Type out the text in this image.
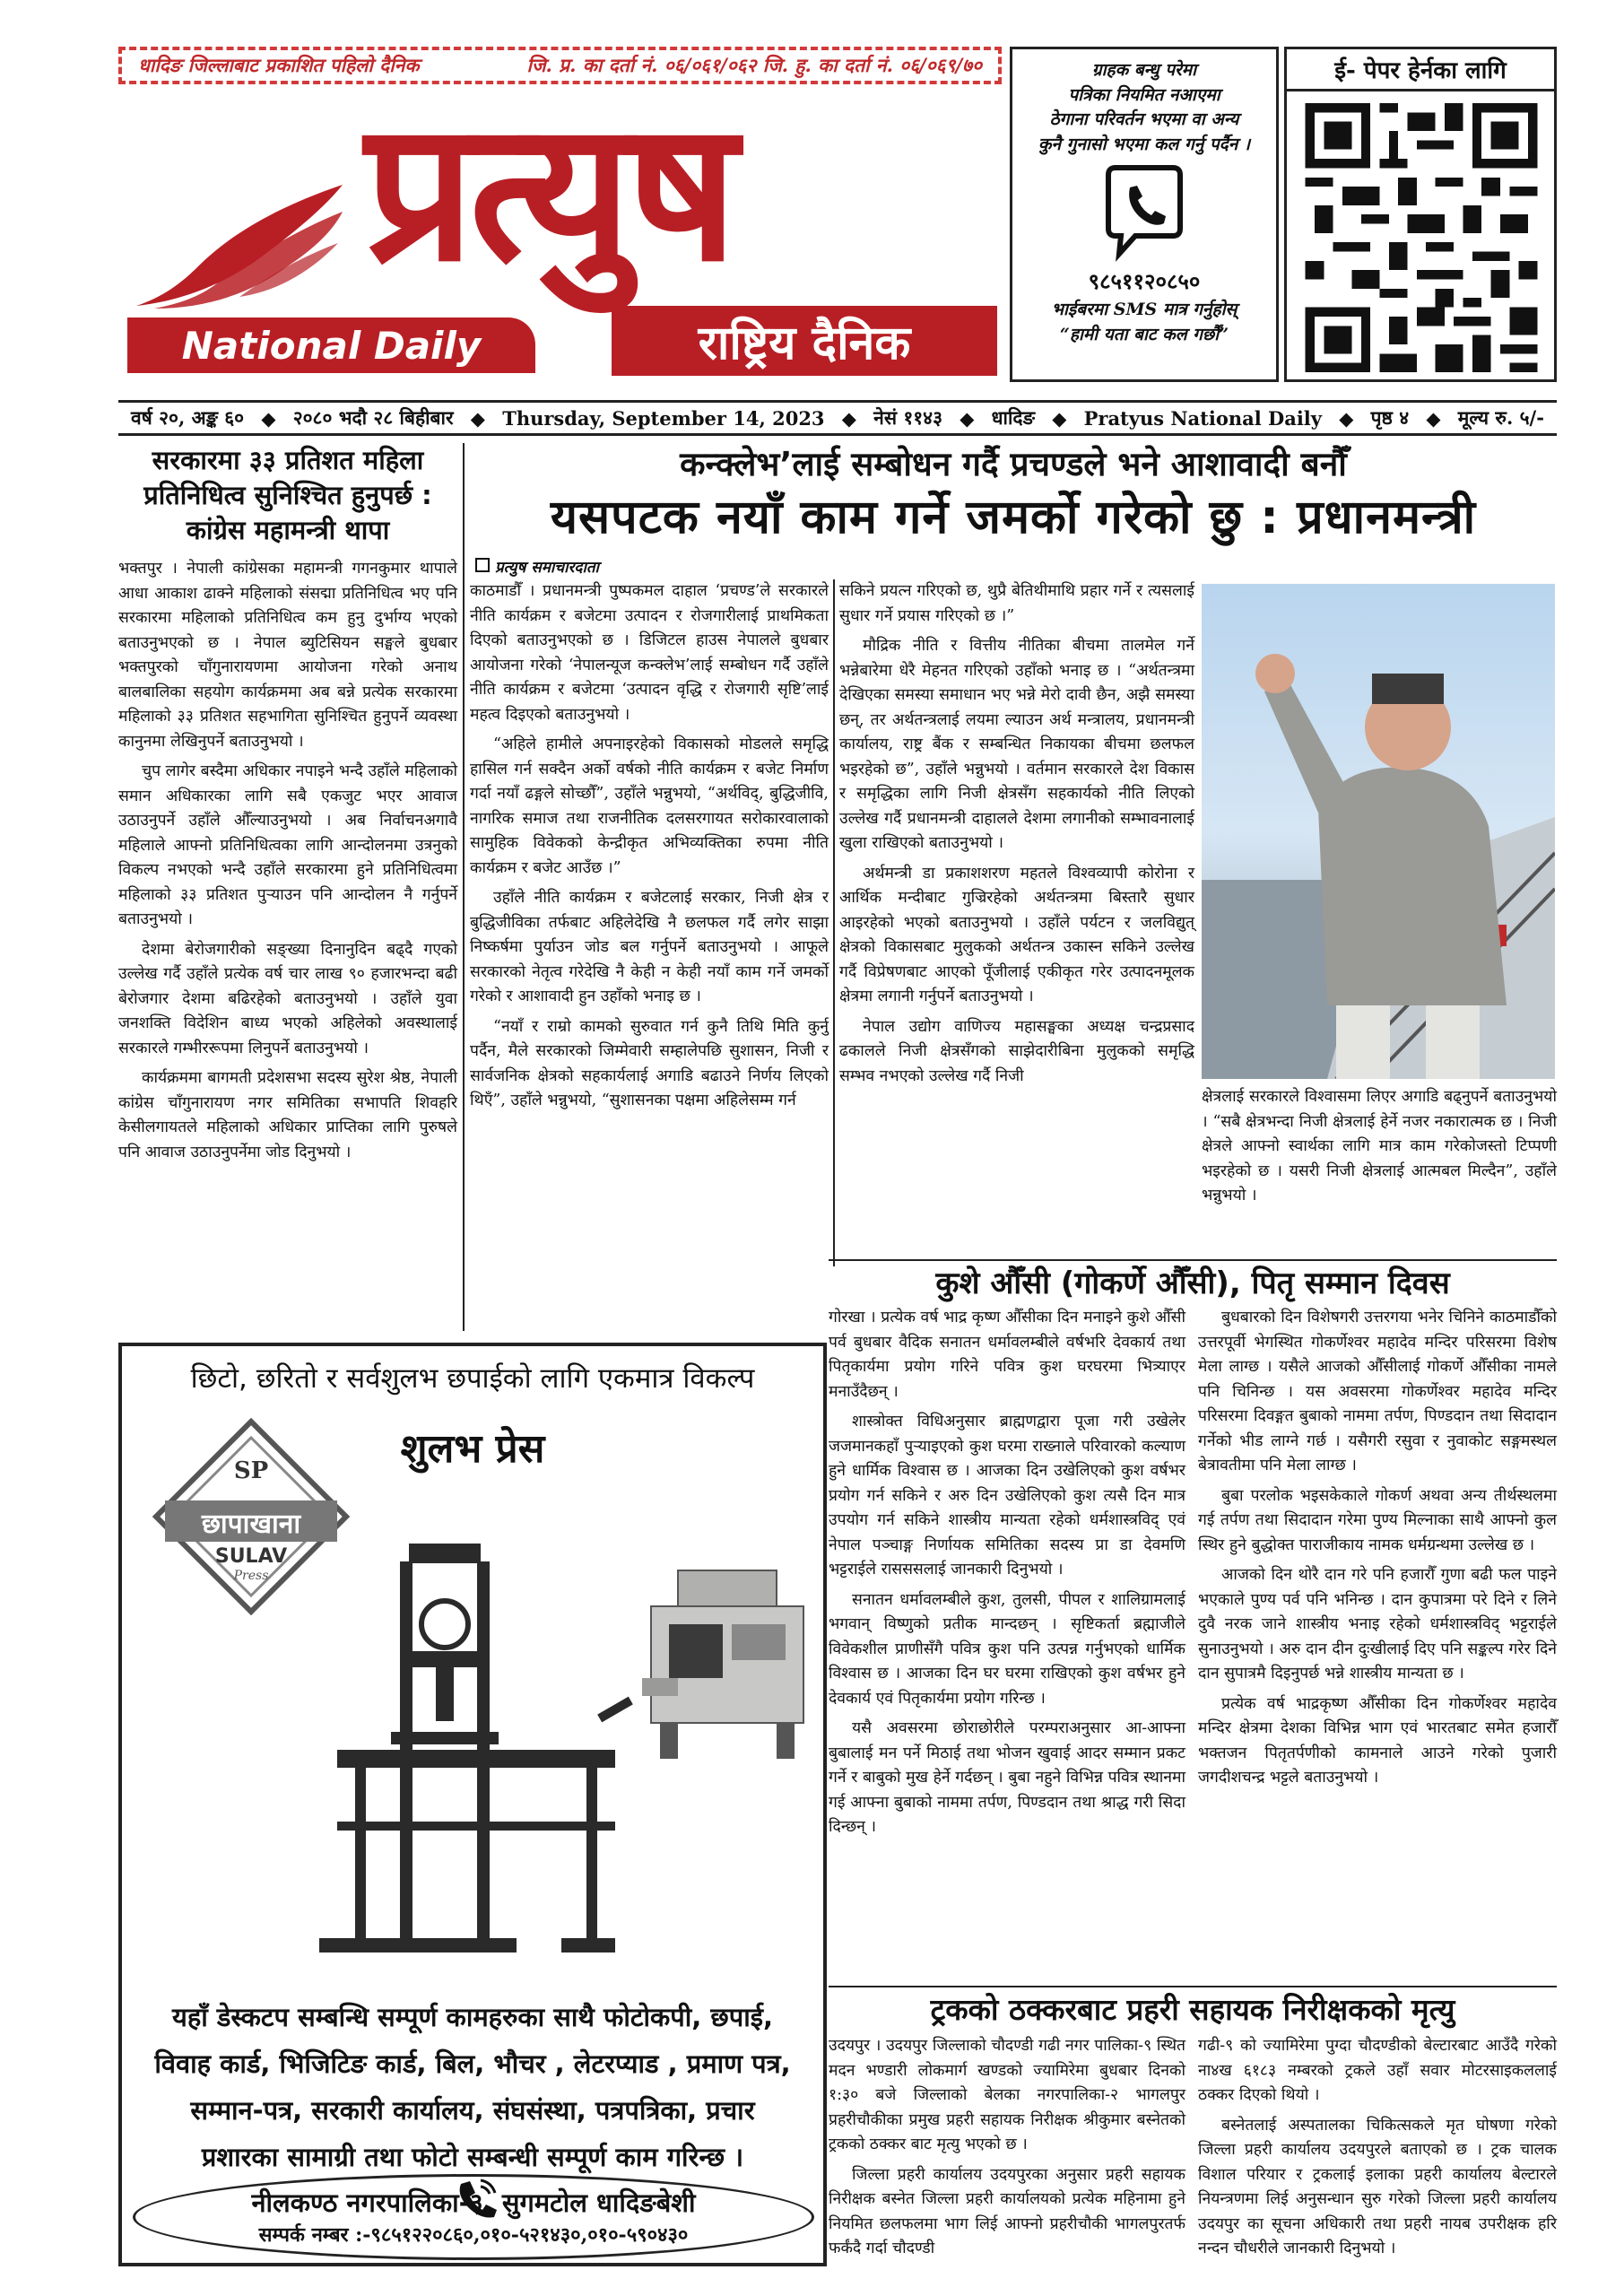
धादिङ जिल्लाबाट प्रकाशित पहिलो दैनिक	जि. प्र. का दर्ता नं. ०६/०६१/०६२ जि. हु. का दर्ता नं. ०६/०६९/७०
प्रत्युष
National Daily	राष्ट्रिय दैनिक
ग्राहक बन्धु परेमा
पत्रिका नियमित नआएमा
ठेगाना परिवर्तन भएमा वा अन्य
कुनै गुनासो भएमा कल गर्नु पर्दैन ।
९८५११२०८५०
भाईबरमा SMS मात्र गर्नुहोस्
“हामी यता बाट कल गर्छौं”
ई- पेपर हेर्नका लागि
वर्ष २०, अङ्क ६० ◆ २०८० भदौ २८ बिहीबार ◆ Thursday, September 14, 2023 ◆ नेसं ११४३ ◆ धादिङ ◆ Pratyus National Daily ◆ पृष्ठ ४ ◆ मूल्य रु. ५/-
सरकारमा ३३ प्रतिशत महिला
प्रतिनिधित्व सुनिश्चित हुनुपर्छ :
कांग्रेस महामन्त्री थापा

भक्तपुर । नेपाली कांग्रेसका महामन्त्री गगनकुमार थापाले आधा आकाश ढाक्ने महिलाको संसद्मा प्रतिनिधित्व भए पनि सरकारमा महिलाको प्रतिनिधित्व कम हुनु दुर्भाग्य भएको बताउनुभएको छ । नेपाल ब्युटिसियन सङ्घले बुधबार भक्तपुरको चाँगुनारायणमा आयोजना गरेको अनाथ बालबालिका सहयोग कार्यक्रममा अब बन्ने प्रत्येक सरकारमा महिलाको ३३ प्रतिशत सहभागिता सुनिश्चित हुनुपर्ने व्यवस्था कानुनमा लेखिनुपर्ने बताउनुभयो ।

चुप लागेर बस्दैमा अधिकार नपाइने भन्दै उहाँले महिलाको समान अधिकारका लागि सबै एकजुट भएर आवाज उठाउनुपर्ने उहाँले औँल्याउनुभयो । अब निर्वाचनअगावै महिलाले आफ्नो प्रतिनिधित्वका लागि आन्दोलनमा उत्रनुको विकल्प नभएको भन्दै उहाँले सरकारमा हुने प्रतिनिधित्वमा महिलाको ३३ प्रतिशत पुऱ्याउन पनि आन्दोलन नै गर्नुपर्ने बताउनुभयो ।

देशमा बेरोजगारीको सङ्ख्या दिनानुदिन बढ्दै गएको उल्लेख गर्दै उहाँले प्रत्येक वर्ष चार लाख ९० हजारभन्दा बढी बेरोजगार देशमा बढिरहेको बताउनुभयो । उहाँले युवा जनशक्ति विदेशिन बाध्य भएको अहिलेको अवस्थालाई सरकारले गम्भीररूपमा लिनुपर्ने बताउनुभयो ।

कार्यक्रममा बागमती प्रदेशसभा सदस्य सुरेश श्रेष्ठ, नेपाली कांग्रेस चाँगुनारायण नगर समितिका सभापति शिवहरि केसीलगायतले महिलाको अधिकार प्राप्तिका लागि पुरुषले पनि आवाज उठाउनुपर्नेमा जोड दिनुभयो ।

कन्क्लेभ’लाई सम्बोधन गर्दै प्रचण्डले भने आशावादी बनौँ
यसपटक नयाँ काम गर्ने जमर्को गरेको छु : प्रधानमन्त्री
प्रत्युष समाचारदाता

काठमाडौँ । प्रधानमन्त्री पुष्पकमल दाहाल ‘प्रचण्ड’ले सरकारले नीति कार्यक्रम र बजेटमा उत्पादन र रोजगारीलाई प्राथमिकता दिएको बताउनुभएको छ । डिजिटल हाउस नेपालले बुधबार आयोजना गरेको ‘नेपालन्यूज कन्क्लेभ’लाई सम्बोधन गर्दै उहाँले नीति कार्यक्रम र बजेटमा ‘उत्पादन वृद्धि र रोजगारी सृष्टि’लाई महत्व दिइएको बताउनुभयो ।

“अहिले हामीले अपनाइरहेको विकासको मोडलले समृद्धि हासिल गर्न सक्दैन अर्को वर्षको नीति कार्यक्रम र बजेट निर्माण गर्दा नयाँ ढङ्गले सोच्छौँ”, उहाँले भन्नुभयो, “अर्थविद्, बुद्धिजीवि, नागरिक समाज तथा राजनीतिक दलसरगायत सरोकारवालाको सामुहिक विवेकको केन्द्रीकृत अभिव्यक्तिका रुपमा नीति कार्यक्रम र बजेट आउँछ ।”

उहाँले नीति कार्यक्रम र बजेटलाई सरकार, निजी क्षेत्र र बुद्धिजीविका तर्फबाट अहिलेदेखि नै छलफल गर्दै लगेर साझा निष्कर्षमा पुर्याउन जोड बल गर्नुपर्ने बताउनुभयो । आफूले सरकारको नेतृत्व गरेदेखि नै केही न केही नयाँ काम गर्ने जमर्को गरेको र आशावादी हुन उहाँको भनाइ छ ।

“नयाँ र राम्रो कामको सुरुवात गर्न कुनै तिथि मिति कुर्नु पर्दैन, मैले सरकारको जिम्मेवारी सम्हालेपछि सुशासन, निजी र सार्वजनिक क्षेत्रको सहकार्यलाई अगाडि बढाउने निर्णय लिएको थिएँ”, उहाँले भन्नुभयो, “सुशासनका पक्षमा अहिलेसम्म गर्न

सकिने प्रयत्न गरिएको छ, थुप्रै बेतिथीमाथि प्रहार गर्ने र त्यसलाई सुधार गर्ने प्रयास गरिएको छ ।”

मौद्रिक नीति र वित्तीय नीतिका बीचमा तालमेल गर्ने भन्नेबारेमा धेरै मेहनत गरिएको उहाँको भनाइ छ । “अर्थतन्त्रमा देखिएका समस्या समाधान भए भन्ने मेरो दावी छैन, अझै समस्या छन्, तर अर्थतन्त्रलाई लयमा ल्याउन अर्थ मन्त्रालय, प्रधानमन्त्री कार्यालय, राष्ट्र बैंक र सम्बन्धित निकायका बीचमा छलफल भइरहेको छ”, उहाँले भन्नुभयो । वर्तमान सरकारले देश विकास र समृद्धिका लागि निजी क्षेत्रसँग सहकार्यको नीति लिएको उल्लेख गर्दै प्रधानमन्त्री दाहालले देशमा लगानीको सम्भावनालाई खुला राखिएको बताउनुभयो ।

अर्थमन्त्री डा प्रकाशशरण महतले विश्वव्यापी कोरोना र आर्थिक मन्दीबाट गुज्रिरहेको अर्थतन्त्रमा बिस्तारै सुधार आइरहेको भएको बताउनुभयो । उहाँले पर्यटन र जलविद्युत् क्षेत्रको विकासबाट मुलुकको अर्थतन्त्र उकास्न सकिने उल्लेख गर्दै विप्रेषणबाट आएको पूँजीलाई एकीकृत गरेर उत्पादनमूलक क्षेत्रमा लगानी गर्नुपर्ने बताउनुभयो ।

नेपाल उद्योग वाणिज्य महासङ्घका अध्यक्ष चन्द्रप्रसाद ढकालले निजी क्षेत्रसँगको साझेदारीबिना मुलुकको समृद्धि सम्भव नभएको उल्लेख गर्दै निजी

क्षेत्रलाई सरकारले विश्वासमा लिएर अगाडि बढ्नुपर्ने बताउनुभयो । “सबै क्षेत्रभन्दा निजी क्षेत्रलाई हेर्ने नजर नकारात्मक छ । निजी क्षेत्रले आफ्नो स्वार्थका लागि मात्र काम गरेकोजस्तो टिप्पणी भइरहेको छ । यसरी निजी क्षेत्रलाई आत्मबल मिल्दैन”, उहाँले भन्नुभयो ।

कुशे औँसी (गोकर्णे औँसी), पितृ सम्मान दिवस

गोरखा । प्रत्येक वर्ष भाद्र कृष्ण औँसीका दिन मनाइने कुशे औँसी पर्व बुधबार वैदिक सनातन धर्मावलम्बीले वर्षभरि देवकार्य तथा पितृकार्यमा प्रयोग गरिने पवित्र कुश घरघरमा भित्र्याएर मनाउँदैछन् ।

शास्त्रोक्त विधिअनुसार ब्राह्मणद्वारा पूजा गरी उखेलेर जजमानकहाँ पुऱ्याइएको कुश घरमा राख्नाले परिवारको कल्याण हुने धार्मिक विश्वास छ । आजका दिन उखेलिएको कुश वर्षभर प्रयोग गर्न सकिने र अरु दिन उखेलिएको कुश त्यसै दिन मात्र उपयोग गर्न सकिने शास्त्रीय मान्यता रहेको धर्मशास्त्रविद् एवं नेपाल पञ्चाङ्ग निर्णायक समितिका सदस्य प्रा डा देवमणि भट्टराईले रासससलाई जानकारी दिनुभयो ।

सनातन धर्मावलम्बीले कुश, तुलसी, पीपल र शालिग्रामलाई भगवान् विष्णुको प्रतीक मान्दछन् । सृष्टिकर्ता ब्रह्माजीले विवेकशील प्राणीसँगै पवित्र कुश पनि उत्पन्न गर्नुभएको धार्मिक विश्वास छ । आजका दिन घर घरमा राखिएको कुश वर्षभर हुने देवकार्य एवं पितृकार्यमा प्रयोग गरिन्छ ।

यसै अवसरमा छोराछोरीले परम्पराअनुसार आ-आफ्ना बुबालाई मन पर्ने मिठाई तथा भोजन खुवाई आदर सम्मान प्रकट गर्ने र बाबुको मुख हेर्ने गर्दछन् । बुबा नहुने विभिन्न पवित्र स्थानमा गई आफ्ना बुबाको नाममा तर्पण, पिण्डदान तथा श्राद्ध गरी सिदा दिन्छन् ।

बुधबारको दिन विशेषगरी उत्तरगया भनेर चिनिने काठमाडौँको उत्तरपूर्वी भेगस्थित गोकर्णेश्वर महादेव मन्दिर परिसरमा विशेष मेला लाग्छ । यसैले आजको औँसीलाई गोकर्णे औँसीका नामले पनि चिनिन्छ । यस अवसरमा गोकर्णेश्वर महादेव मन्दिर परिसरमा दिवङ्गत बुबाको नाममा तर्पण, पिण्डदान तथा सिदादान गर्नेको भीड लाग्ने गर्छ । यसैगरी रसुवा र नुवाकोट सङ्गमस्थल बेत्रावतीमा पनि मेला लाग्छ ।

बुबा परलोक भइसकेकाले गोकर्ण अथवा अन्य तीर्थस्थलमा गई तर्पण तथा सिदादान गरेमा पुण्य मिल्नाका साथै आफ्नो कुल स्थिर हुने बुद्धोक्त पाराजीकाय नामक धर्मग्रन्थमा उल्लेख छ ।

आजको दिन थोरै दान गरे पनि हजारौँ गुणा बढी फल पाइने भएकाले पुण्य पर्व पनि भनिन्छ । दान कुपात्रमा परे दिने र लिने दुवै नरक जाने शास्त्रीय भनाइ रहेको धर्मशास्त्रविद् भट्टराईले सुनाउनुभयो । अरु दान दीन दुःखीलाई दिए पनि सङ्कल्प गरेर दिने दान सुपात्रमै दिइनुपर्छ भन्ने शास्त्रीय मान्यता छ ।

प्रत्येक वर्ष भाद्रकृष्ण औँसीका दिन गोकर्णेश्वर महादेव मन्दिर क्षेत्रमा देशका विभिन्न भाग एवं भारतबाट समेत हजारौँ भक्तजन पितृतर्पणीको कामनाले आउने गरेको पुजारी जगदीशचन्द्र भट्टले बताउनुभयो ।

ट्रकको ठक्करबाट प्रहरी सहायक निरीक्षकको मृत्यु

उदयपुर । उदयपुर जिल्लाको चौदण्डी गढी नगर पालिका-९ स्थित मदन भण्डारी लोकमार्ग खण्डको ज्यामिरेमा बुधबार दिनको १:३० बजे जिल्लाको बेलका नगरपालिका-२ भागलपुर प्रहरीचौकीका प्रमुख प्रहरी सहायक निरीक्षक श्रीकुमार बस्नेतको ट्रकको ठक्कर बाट मृत्यु भएको छ ।

जिल्ला प्रहरी कार्यालय उदयपुरका अनुसार प्रहरी सहायक निरीक्षक बस्नेत जिल्ला प्रहरी कार्यालयको प्रत्येक महिनामा हुने नियमित छलफलमा भाग लिई आफ्नो प्रहरीचौकी भागलपुरतर्फ फर्कंदै गर्दा चौदण्डी

गढी-९ को ज्यामिरेमा पुग्दा चौदण्डीको बेल्टारबाट आउँदै गरेको ना४ख ६१८३ नम्बरको ट्रकले उहाँ सवार मोटरसाइकललाई ठक्कर दिएको थियो ।

बस्नेतलाई अस्पतालका चिकित्सकले मृत घोषणा गरेको जिल्ला प्रहरी कार्यालय उदयपुरले बताएको छ । ट्रक चालक विशाल परियार र ट्रकलाई इलाका प्रहरी कार्यालय बेल्टारले नियन्त्रणमा लिई अनुसन्धान सुरु गरेको जिल्ला प्रहरी कार्यालय उदयपुर का सूचना अधिकारी तथा प्रहरी नायब उपरीक्षक हरि नन्दन चौधरीले जानकारी दिनुभयो ।

छिटो, छरितो र सर्वशुलभ छपाईको लागि एकमात्र विकल्प
शुलभ प्रेस
SP
छापाखाना
SULAV
Press
यहाँ डेस्कटप सम्बन्धि सम्पूर्ण कामहरुका साथै फोटोकपी, छपाई,
विवाह कार्ड, भिजिटिङ कार्ड, बिल, भौचर , लेटरप्याड , प्रमाण पत्र,
सम्मान-पत्र, सरकारी कार्यालय, संघसंस्था, पत्रपत्रिका, प्रचार
प्रशारका सामाग्री तथा फोटो सम्बन्धी सम्पूर्ण काम गरिन्छ ।
नीलकण्ठ नगरपालिका-३, सुगमटोल धादिङबेशी
सम्पर्क नम्बर :-९८५१२२०८६०,०१०-५२१४३०,०१०-५९०४३०
